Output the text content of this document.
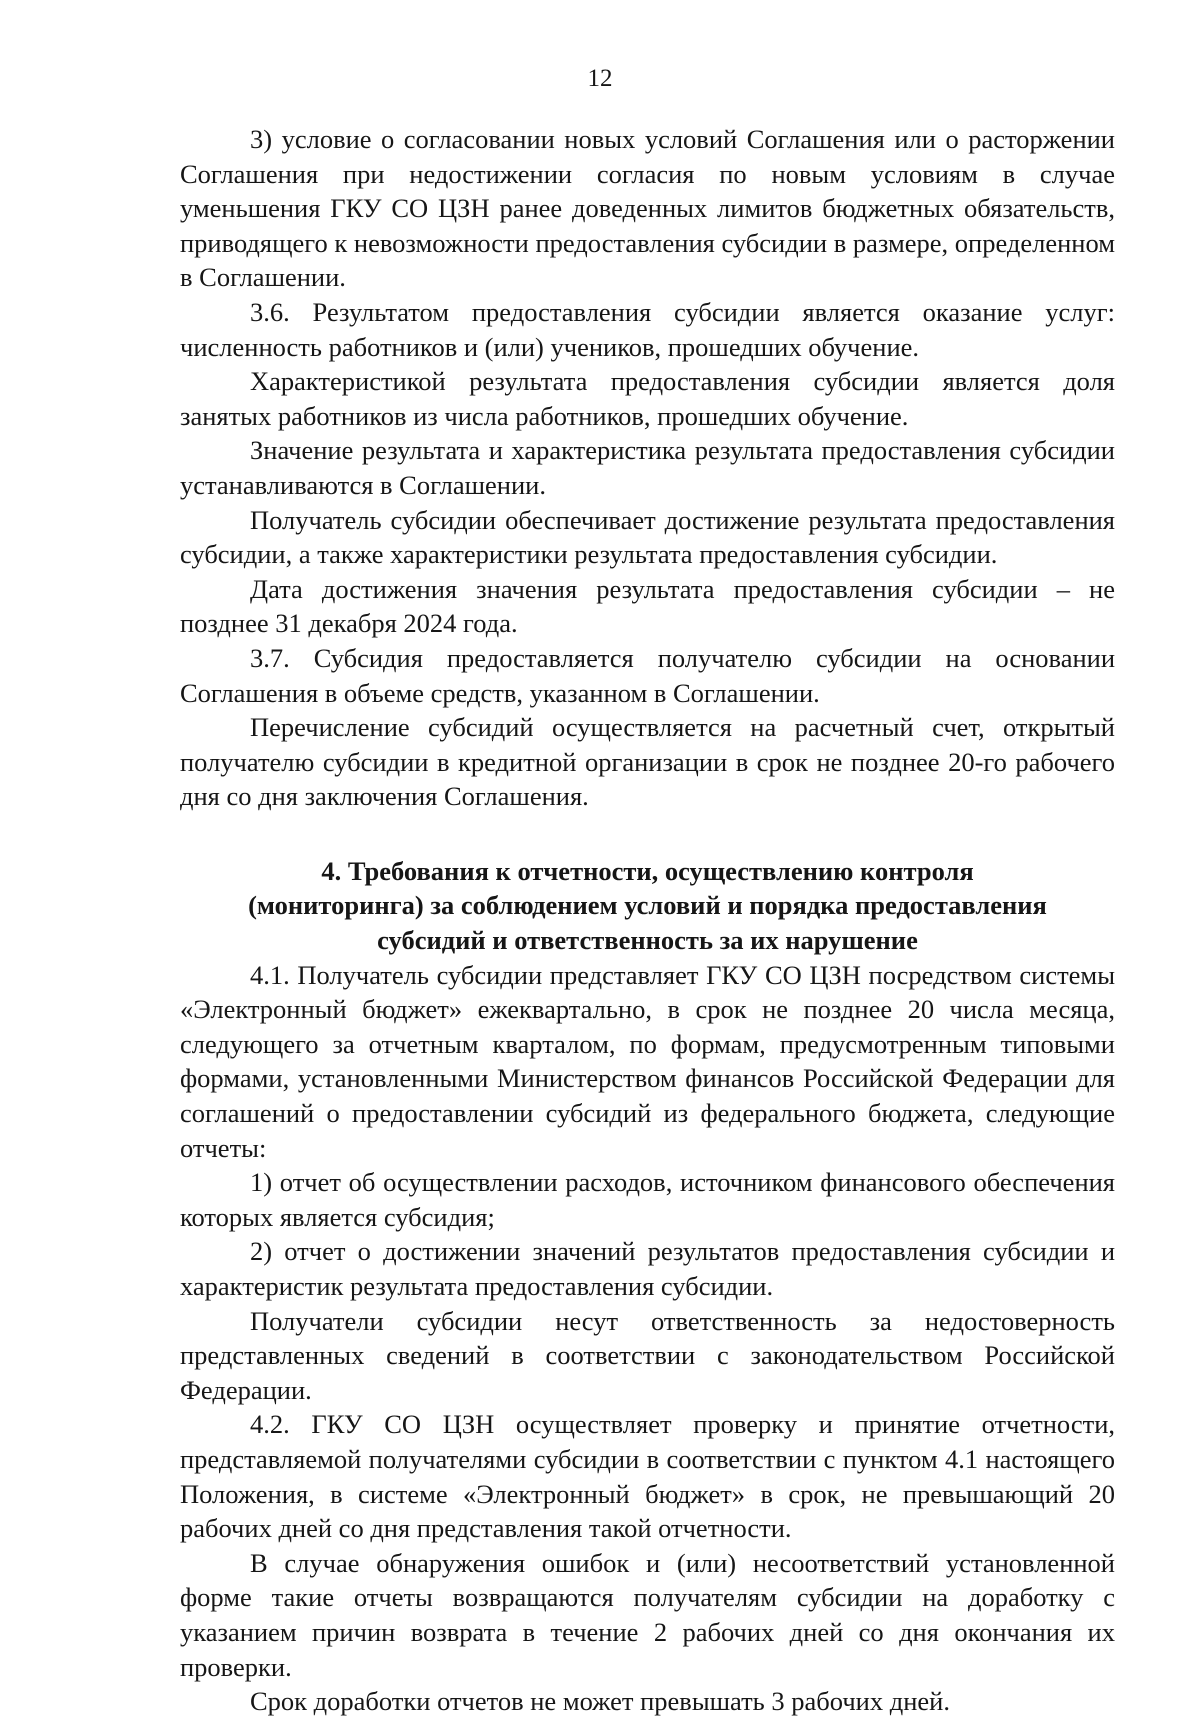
12

3) условие о согласовании новых условий Соглашения или о расторжении Соглашения при недостижении согласия по новым условиям в случае уменьшения ГКУ СО ЦЗН ранее доведенных лимитов бюджетных обязательств, приводящего к невозможности предоставления субсидии в размере, определенном в Соглашении.

3.6. Результатом предоставления субсидии является оказание услуг: численность работников и (или) учеников, прошедших обучение.

Характеристикой результата предоставления субсидии является доля занятых работников из числа работников, прошедших обучение.

Значение результата и характеристика результата предоставления субсидии устанавливаются в Соглашении.

Получатель субсидии обеспечивает достижение результата предоставления субсидии, а также характеристики результата предоставления субсидии.

Дата достижения значения результата предоставления субсидии – не позднее 31 декабря 2024 года.

3.7. Субсидия предоставляется получателю субсидии на основании Соглашения в объеме средств, указанном в Соглашении.

Перечисление субсидий осуществляется на расчетный счет, открытый получателю субсидии в кредитной организации в срок не позднее 20-го рабочего дня со дня заключения Соглашения.

4. Требования к отчетности, осуществлению контроля
(мониторинга) за соблюдением условий и порядка предоставления
субсидий и ответственность за их нарушение

4.1. Получатель субсидии представляет ГКУ СО ЦЗН посредством системы «Электронный бюджет» ежеквартально, в срок не позднее 20 числа месяца, следующего за отчетным кварталом, по формам, предусмотренным типовыми формами, установленными Министерством финансов Российской Федерации для соглашений о предоставлении субсидий из федерального бюджета, следующие отчеты:

1) отчет об осуществлении расходов, источником финансового обеспечения которых является субсидия;

2) отчет о достижении значений результатов предоставления субсидии и характеристик результата предоставления субсидии.

Получатели субсидии несут ответственность за недостоверность представленных сведений в соответствии с законодательством Российской Федерации.

4.2. ГКУ СО ЦЗН осуществляет проверку и принятие отчетности, представляемой получателями субсидии в соответствии с пунктом 4.1 настоящего Положения, в системе «Электронный бюджет» в срок, не превышающий 20 рабочих дней со дня представления такой отчетности.

В случае обнаружения ошибок и (или) несоответствий установленной форме такие отчеты возвращаются получателям субсидии на доработку с указанием причин возврата в течение 2 рабочих дней со дня окончания их проверки.

Срок доработки отчетов не может превышать 3 рабочих дней.
